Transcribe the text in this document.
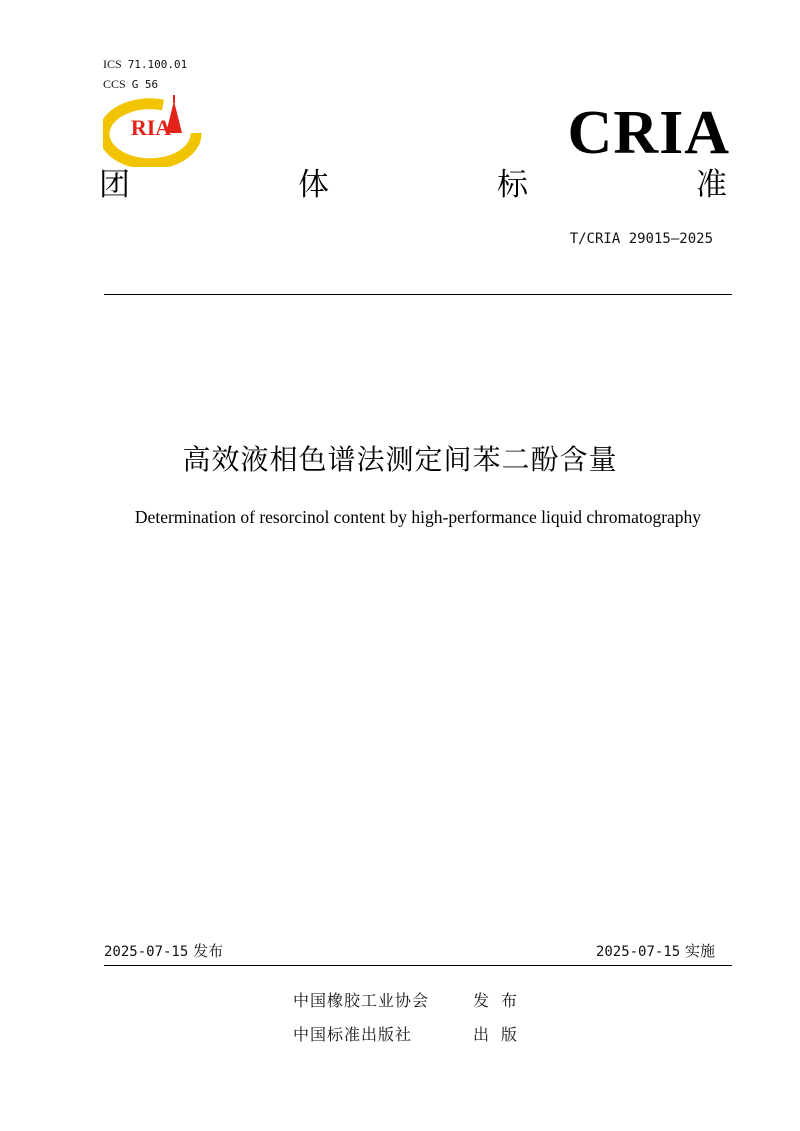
ICS 71.100.01
CCS G 56
RIA	CRIA
团	体	标	准
T/CRIA 29015—2025
高效液相色谱法测定间苯二酚含量
Determination of resorcinol content by high-performance liquid chromatography
2025-07-15 发布	2025-07-15 实施
中国橡胶工业协会	发布
中国标准出版社	出版
